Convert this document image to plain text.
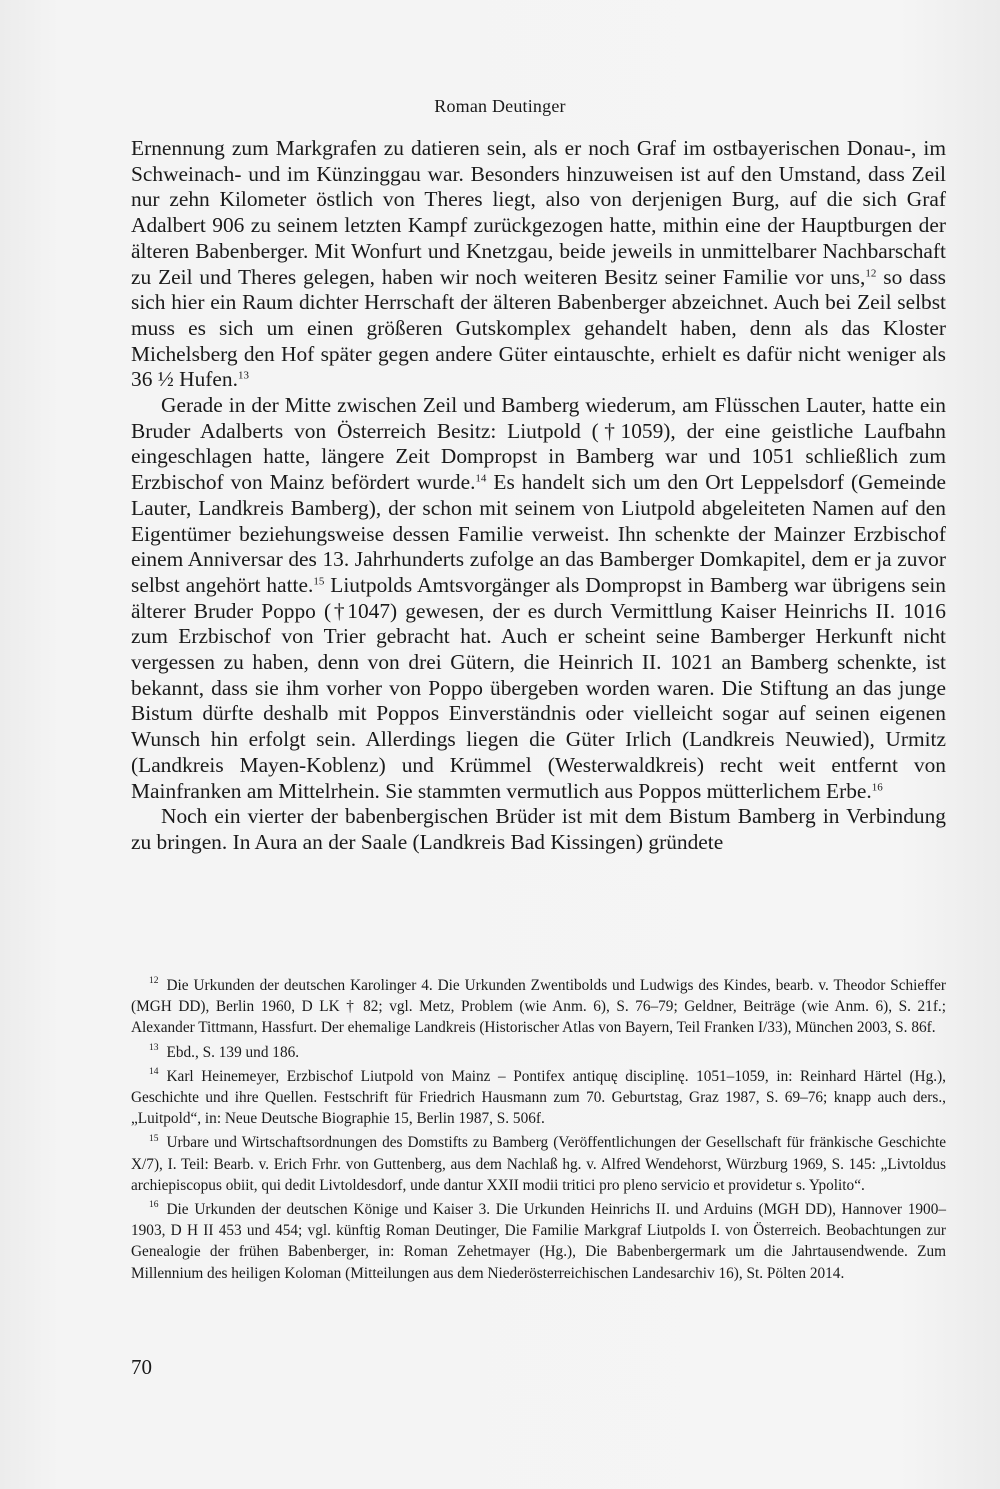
Roman Deutinger

Ernennung zum Markgrafen zu datieren sein, als er noch Graf im ostbayerischen Donau-, im Schweinach- und im Künzinggau war. Besonders hinzuweisen ist auf den Umstand, dass Zeil nur zehn Kilometer östlich von Theres liegt, also von derjenigen Burg, auf die sich Graf Adalbert 906 zu seinem letzten Kampf zurückgezogen hatte, mithin eine der Hauptburgen der älteren Babenberger. Mit Wonfurt und Knetzgau, beide jeweils in unmittelbarer Nachbarschaft zu Zeil und Theres gelegen, haben wir noch weiteren Besitz seiner Familie vor uns,$^{12}$ so dass sich hier ein Raum dichter Herrschaft der älteren Babenberger abzeichnet. Auch bei Zeil selbst muss es sich um einen größeren Gutskomplex gehandelt haben, denn als das Kloster Michelsberg den Hof später gegen andere Güter eintauschte, erhielt es dafür nicht weniger als 36 ½ Hufen.$^{13}$

Gerade in der Mitte zwischen Zeil und Bamberg wiederum, am Flüsschen Lauter, hatte ein Bruder Adalberts von Österreich Besitz: Liutpold (†1059), der eine geistliche Laufbahn eingeschlagen hatte, längere Zeit Dompropst in Bamberg war und 1051 schließlich zum Erzbischof von Mainz befördert wurde.$^{14}$ Es handelt sich um den Ort Leppelsdorf (Gemeinde Lauter, Landkreis Bamberg), der schon mit seinem von Liutpold abgeleiteten Namen auf den Eigentümer beziehungsweise dessen Familie verweist. Ihn schenkte der Mainzer Erzbischof einem Anniversar des 13. Jahrhunderts zufolge an das Bamberger Domkapitel, dem er ja zuvor selbst angehört hatte.$^{15}$ Liutpolds Amtsvorgänger als Dompropst in Bamberg war übrigens sein älterer Bruder Poppo (†1047) gewesen, der es durch Vermittlung Kaiser Heinrichs II. 1016 zum Erzbischof von Trier gebracht hat. Auch er scheint seine Bamberger Herkunft nicht vergessen zu haben, denn von drei Gütern, die Heinrich II. 1021 an Bamberg schenkte, ist bekannt, dass sie ihm vorher von Poppo übergeben worden waren. Die Stiftung an das junge Bistum dürfte deshalb mit Poppos Einverständnis oder vielleicht sogar auf seinen eigenen Wunsch hin erfolgt sein. Allerdings liegen die Güter Irlich (Landkreis Neuwied), Urmitz (Landkreis Mayen-Koblenz) und Krümmel (Westerwaldkreis) recht weit entfernt von Mainfranken am Mittelrhein. Sie stammten vermutlich aus Poppos mütterlichem Erbe.$^{16}$

Noch ein vierter der babenbergischen Brüder ist mit dem Bistum Bamberg in Verbindung zu bringen. In Aura an der Saale (Landkreis Bad Kissingen) gründete

$^{12}$ Die Urkunden der deutschen Karolinger 4. Die Urkunden Zwentibolds und Ludwigs des Kindes, bearb. v. Theodor Schieffer (MGH DD), Berlin 1960, D LK † 82; vgl. Metz, Problem (wie Anm. 6), S. 76–79; Geldner, Beiträge (wie Anm. 6), S. 21f.; Alexander Tittmann, Hassfurt. Der ehemalige Landkreis (Historischer Atlas von Bayern, Teil Franken I/33), München 2003, S. 86f.

$^{13}$ Ebd., S. 139 und 186.

$^{14}$ Karl Heinemeyer, Erzbischof Liutpold von Mainz – Pontifex antiquę disciplinę. 1051–1059, in: Reinhard Härtel (Hg.), Geschichte und ihre Quellen. Festschrift für Friedrich Hausmann zum 70. Geburtstag, Graz 1987, S. 69–76; knapp auch ders., „Luitpold“, in: Neue Deutsche Biographie 15, Berlin 1987, S. 506f.

$^{15}$ Urbare und Wirtschaftsordnungen des Domstifts zu Bamberg (Veröffentlichungen der Gesellschaft für fränkische Geschichte X/7), I. Teil: Bearb. v. Erich Frhr. von Guttenberg, aus dem Nachlaß hg. v. Alfred Wendehorst, Würzburg 1969, S. 145: „Livtoldus archiepiscopus obiit, qui dedit Livtoldesdorf, unde dantur XXII modii tritici pro pleno servicio et providetur s. Ypolito“.

$^{16}$ Die Urkunden der deutschen Könige und Kaiser 3. Die Urkunden Heinrichs II. und Arduins (MGH DD), Hannover 1900–1903, D H II 453 und 454; vgl. künftig Roman Deutinger, Die Familie Markgraf Liutpolds I. von Österreich. Beobachtungen zur Genealogie der frühen Babenberger, in: Roman Zehetmayer (Hg.), Die Babenbergermark um die Jahrtausendwende. Zum Millennium des heiligen Koloman (Mitteilungen aus dem Niederösterreichischen Landesarchiv 16), St. Pölten 2014.

70
